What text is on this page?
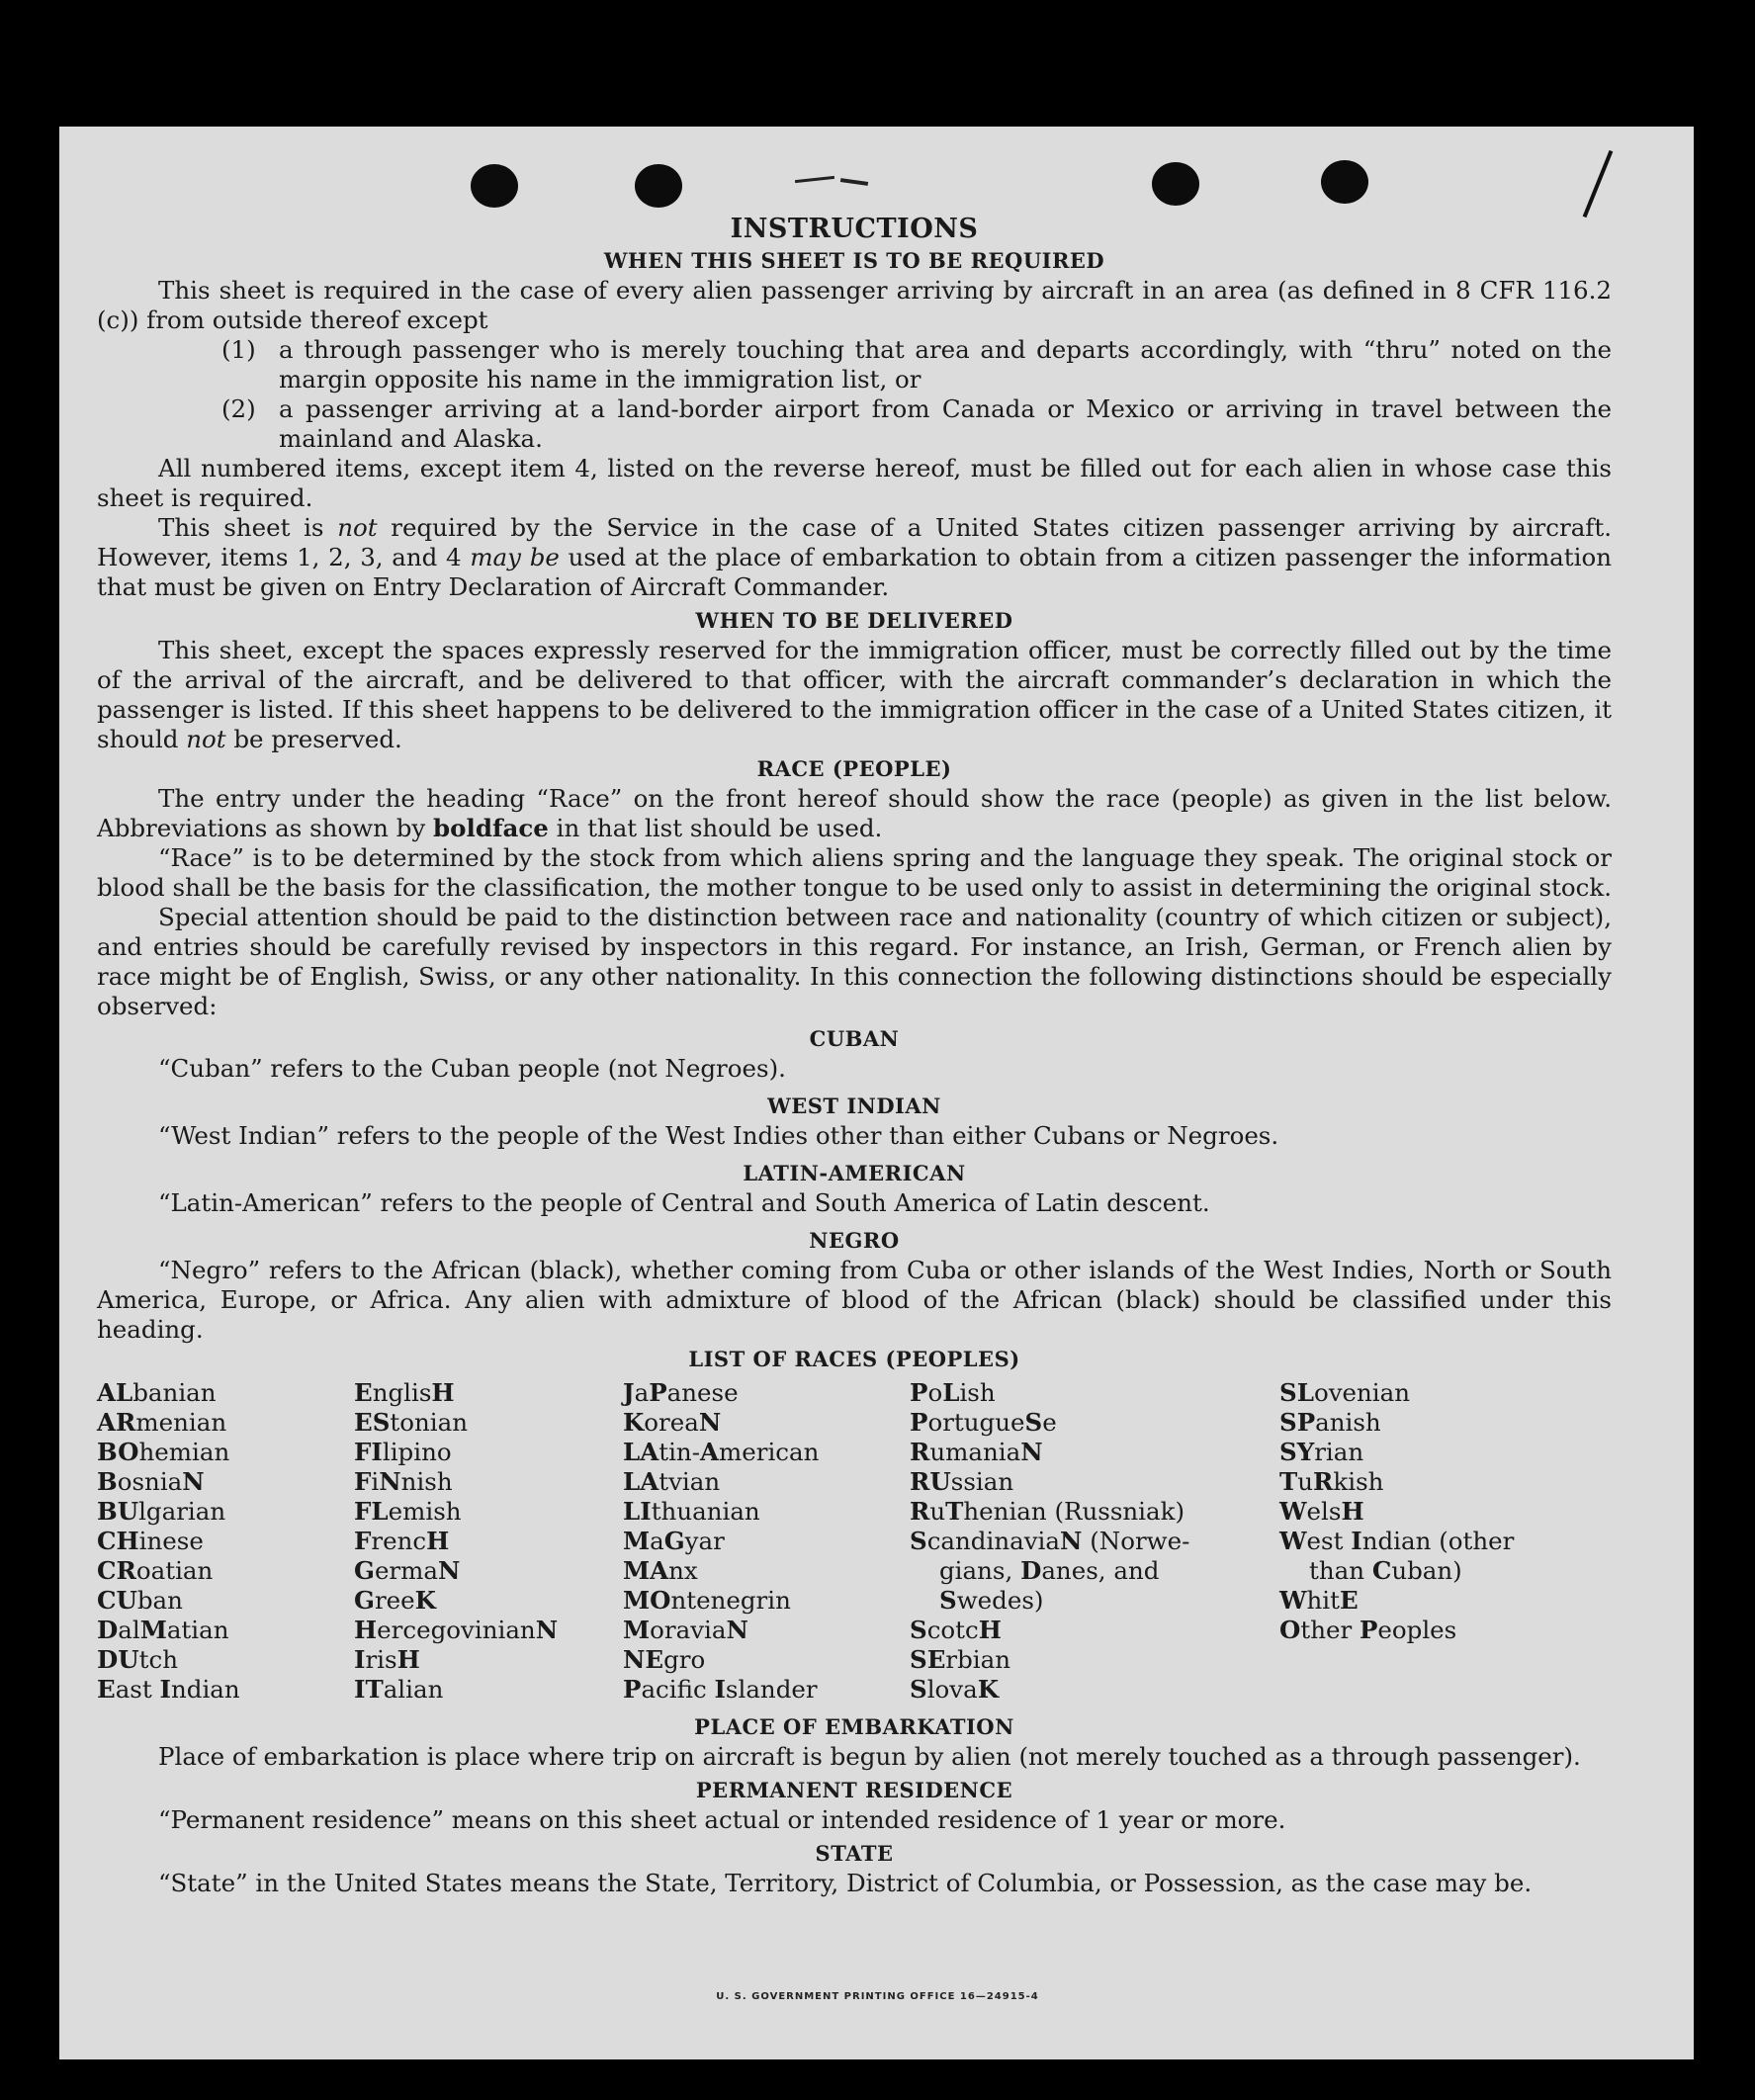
INSTRUCTIONS
WHEN THIS SHEET IS TO BE REQUIRED

This sheet is required in the case of every alien passenger arriving by aircraft in an area (as defined in 8 CFR 116.2 (c)) from outside thereof except

(1) a through passenger who is merely touching that area and departs accordingly, with “thru” noted on the margin opposite his name in the immigration list, or
(2) a passenger arriving at a land-border airport from Canada or Mexico or arriving in travel between the mainland and Alaska.

All numbered items, except item 4, listed on the reverse hereof, must be filled out for each alien in whose case this sheet is required.

This sheet is not required by the Service in the case of a United States citizen passenger arriving by aircraft. However, items 1, 2, 3, and 4 may be used at the place of embarkation to obtain from a citizen passenger the information that must be given on Entry Declaration of Aircraft Commander.

WHEN TO BE DELIVERED

This sheet, except the spaces expressly reserved for the immigration officer, must be correctly filled out by the time of the arrival of the aircraft, and be delivered to that officer, with the aircraft commander’s declaration in which the passenger is listed. If this sheet happens to be delivered to the immigration officer in the case of a United States citizen, it should not be preserved.

RACE (PEOPLE)

The entry under the heading “Race” on the front hereof should show the race (people) as given in the list below. Abbreviations as shown by boldface in that list should be used.

“Race” is to be determined by the stock from which aliens spring and the language they speak. The original stock or blood shall be the basis for the classification, the mother tongue to be used only to assist in determining the original stock.

Special attention should be paid to the distinction between race and nationality (country of which citizen or subject), and entries should be carefully revised by inspectors in this regard. For instance, an Irish, German, or French alien by race might be of English, Swiss, or any other nationality. In this connection the following distinctions should be especially observed:

CUBAN
“Cuban” refers to the Cuban people (not Negroes).
WEST INDIAN
“West Indian” refers to the people of the West Indies other than either Cubans or Negroes.
LATIN-AMERICAN
“Latin-American” refers to the people of Central and South America of Latin descent.
NEGRO

“Negro” refers to the African (black), whether coming from Cuba or other islands of the West Indies, North or South America, Europe, or Africa. Any alien with admixture of blood of the African (black) should be classified under this heading.

LIST OF RACES (PEOPLES)
ALbanian
ARmenian
BOhemian
BosniaN
BUlgarian
CHinese
CRoatian
CUban
DalMatian
DUtch
East Indian
EnglisH
EStonian
FIlipino
FiNnish
FLemish
FrencH
GermaN
GreeK
HercegovinianN
IrisH
ITalian
JaPanese
KoreaN
LAtin-American
LAtvian
LIthuanian
MaGyar
MAnx
MOntenegrin
MoraviaN
NEgro
Pacific Islander
PoLish
PortugueSe
RumaniaN
RUssian
RuThenian (Russniak)
ScandinaviaN (Norwe-
gians, Danes, and
Swedes)
ScotcH
SErbian
SlovaK
SLovenian
SPanish
SYrian
TuRkish
WelsH
West Indian (other
than Cuban)
WhitE
Other Peoples
PLACE OF EMBARKATION

Place of embarkation is place where trip on aircraft is begun by alien (not merely touched as a through passenger).

PERMANENT RESIDENCE
“Permanent residence” means on this sheet actual or intended residence of 1 year or more.
STATE

“State” in the United States means the State, Territory, District of Columbia, or Possession, as the case may be.

U. S. GOVERNMENT PRINTING OFFICE 16—24915-4
